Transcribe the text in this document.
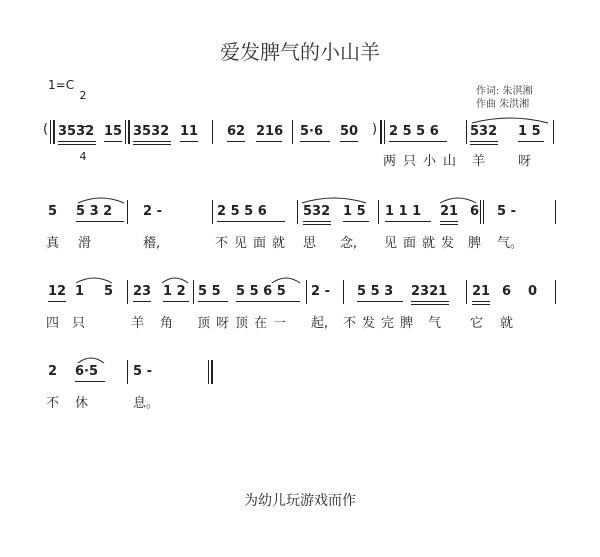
爱发脾气的小山羊
1=C

2

4

作词: 朱淇湘
作曲 朱洪湘
( 3532 15 3532 11 62 216 5·6 50 ) 2 5 5 6 532 1 5
两 只 小 山 羊	呀
5 5 3 2 2 -	2 5 5 6	532 1 5 1 1 1 21 6 5 -
真 滑	稽,	不 见 面 就 思 念, 见 面 就 发 脾 气。
12 1 5 23 1 2 5 5 5 5 6 5 2 - 5 5 3 2321 21 6 0
四 只	羊 角 顶 呀 顶 在 一 起, 不 发 完 脾 气 它 就
2 6·5	5 -
不 休	息。
为幼儿玩游戏而作
